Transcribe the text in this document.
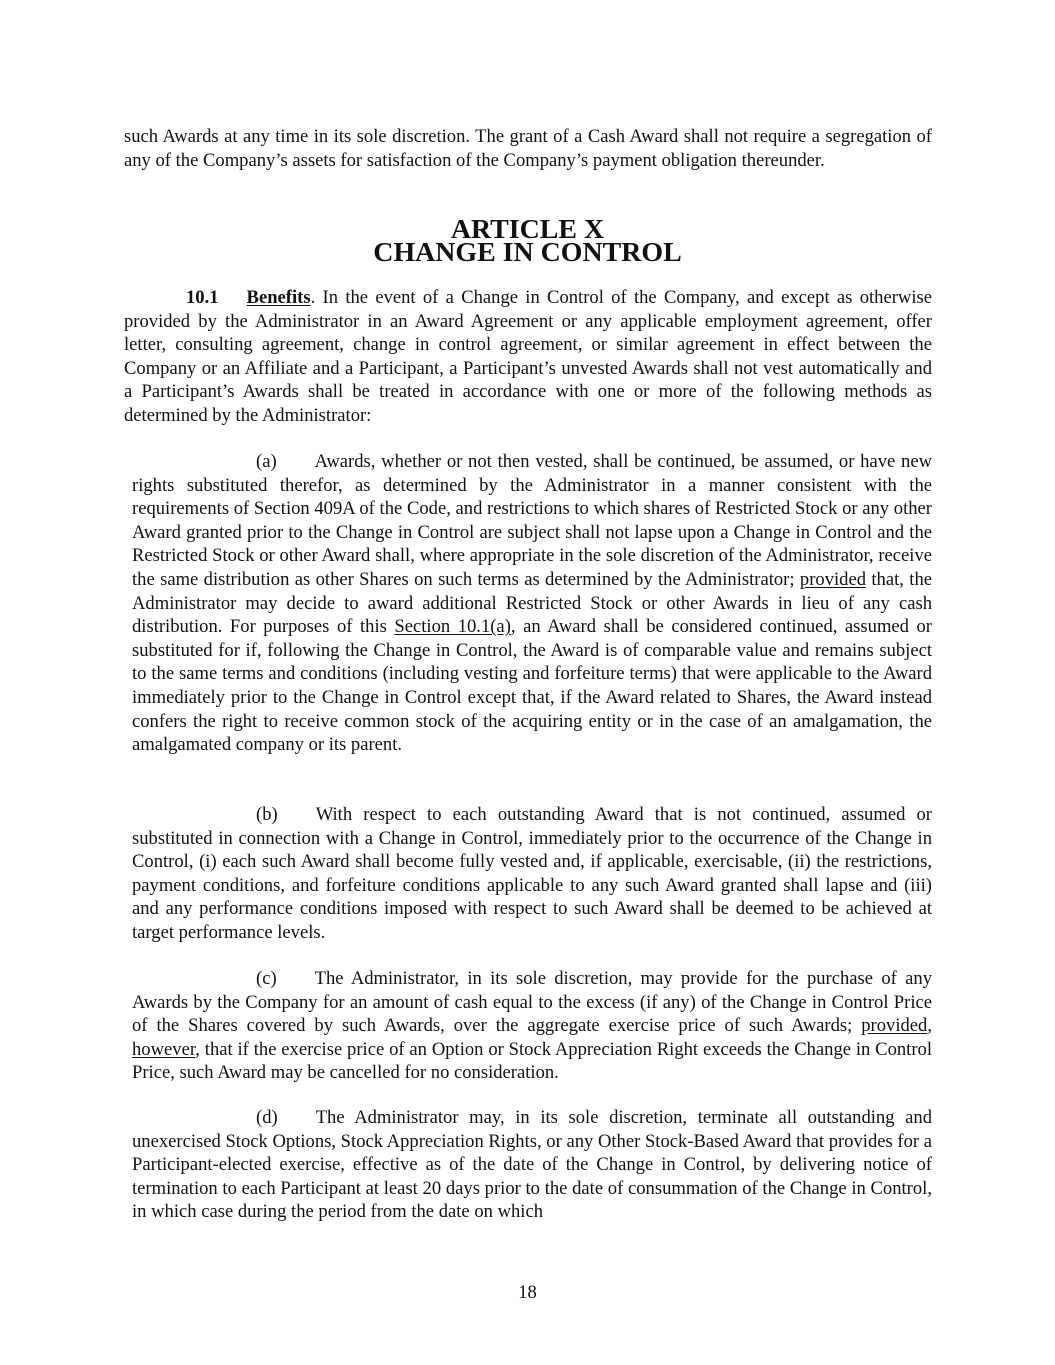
such Awards at any time in its sole discretion. The grant of a Cash Award shall not require a segregation of any of the Company’s assets for satisfaction of the Company’s payment obligation thereunder.

ARTICLE X
CHANGE IN CONTROL

10.1 Benefits. In the event of a Change in Control of the Company, and except as otherwise provided by the Administrator in an Award Agreement or any applicable employment agreement, offer letter, consulting agreement, change in control agreement, or similar agreement in effect between the Company or an Affiliate and a Participant, a Participant’s unvested Awards shall not vest automatically and a Participant’s Awards shall be treated in accordance with one or more of the following methods as determined by the Administrator:

(a) Awards, whether or not then vested, shall be continued, be assumed, or have new rights substituted therefor, as determined by the Administrator in a manner consistent with the requirements of Section 409A of the Code, and restrictions to which shares of Restricted Stock or any other Award granted prior to the Change in Control are subject shall not lapse upon a Change in Control and the Restricted Stock or other Award shall, where appropriate in the sole discretion of the Administrator, receive the same distribution as other Shares on such terms as determined by the Administrator; provided that, the Administrator may decide to award additional Restricted Stock or other Awards in lieu of any cash distribution. For purposes of this Section 10.1(a), an Award shall be considered continued, assumed or substituted for if, following the Change in Control, the Award is of comparable value and remains subject to the same terms and conditions (including vesting and forfeiture terms) that were applicable to the Award immediately prior to the Change in Control except that, if the Award related to Shares, the Award instead confers the right to receive common stock of the acquiring entity or in the case of an amalgamation, the amalgamated company or its parent.

(b) With respect to each outstanding Award that is not continued, assumed or substituted in connection with a Change in Control, immediately prior to the occurrence of the Change in Control, (i) each such Award shall become fully vested and, if applicable, exercisable, (ii) the restrictions, payment conditions, and forfeiture conditions applicable to any such Award granted shall lapse and (iii) and any performance conditions imposed with respect to such Award shall be deemed to be achieved at target performance levels.

(c) The Administrator, in its sole discretion, may provide for the purchase of any Awards by the Company for an amount of cash equal to the excess (if any) of the Change in Control Price of the Shares covered by such Awards, over the aggregate exercise price of such Awards; provided, however, that if the exercise price of an Option or Stock Appreciation Right exceeds the Change in Control Price, such Award may be cancelled for no consideration.

(d) The Administrator may, in its sole discretion, terminate all outstanding and unexercised Stock Options, Stock Appreciation Rights, or any Other Stock-Based Award that provides for a Participant-elected exercise, effective as of the date of the Change in Control, by delivering notice of termination to each Participant at least 20 days prior to the date of consummation of the Change in Control, in which case during the period from the date on which

18
